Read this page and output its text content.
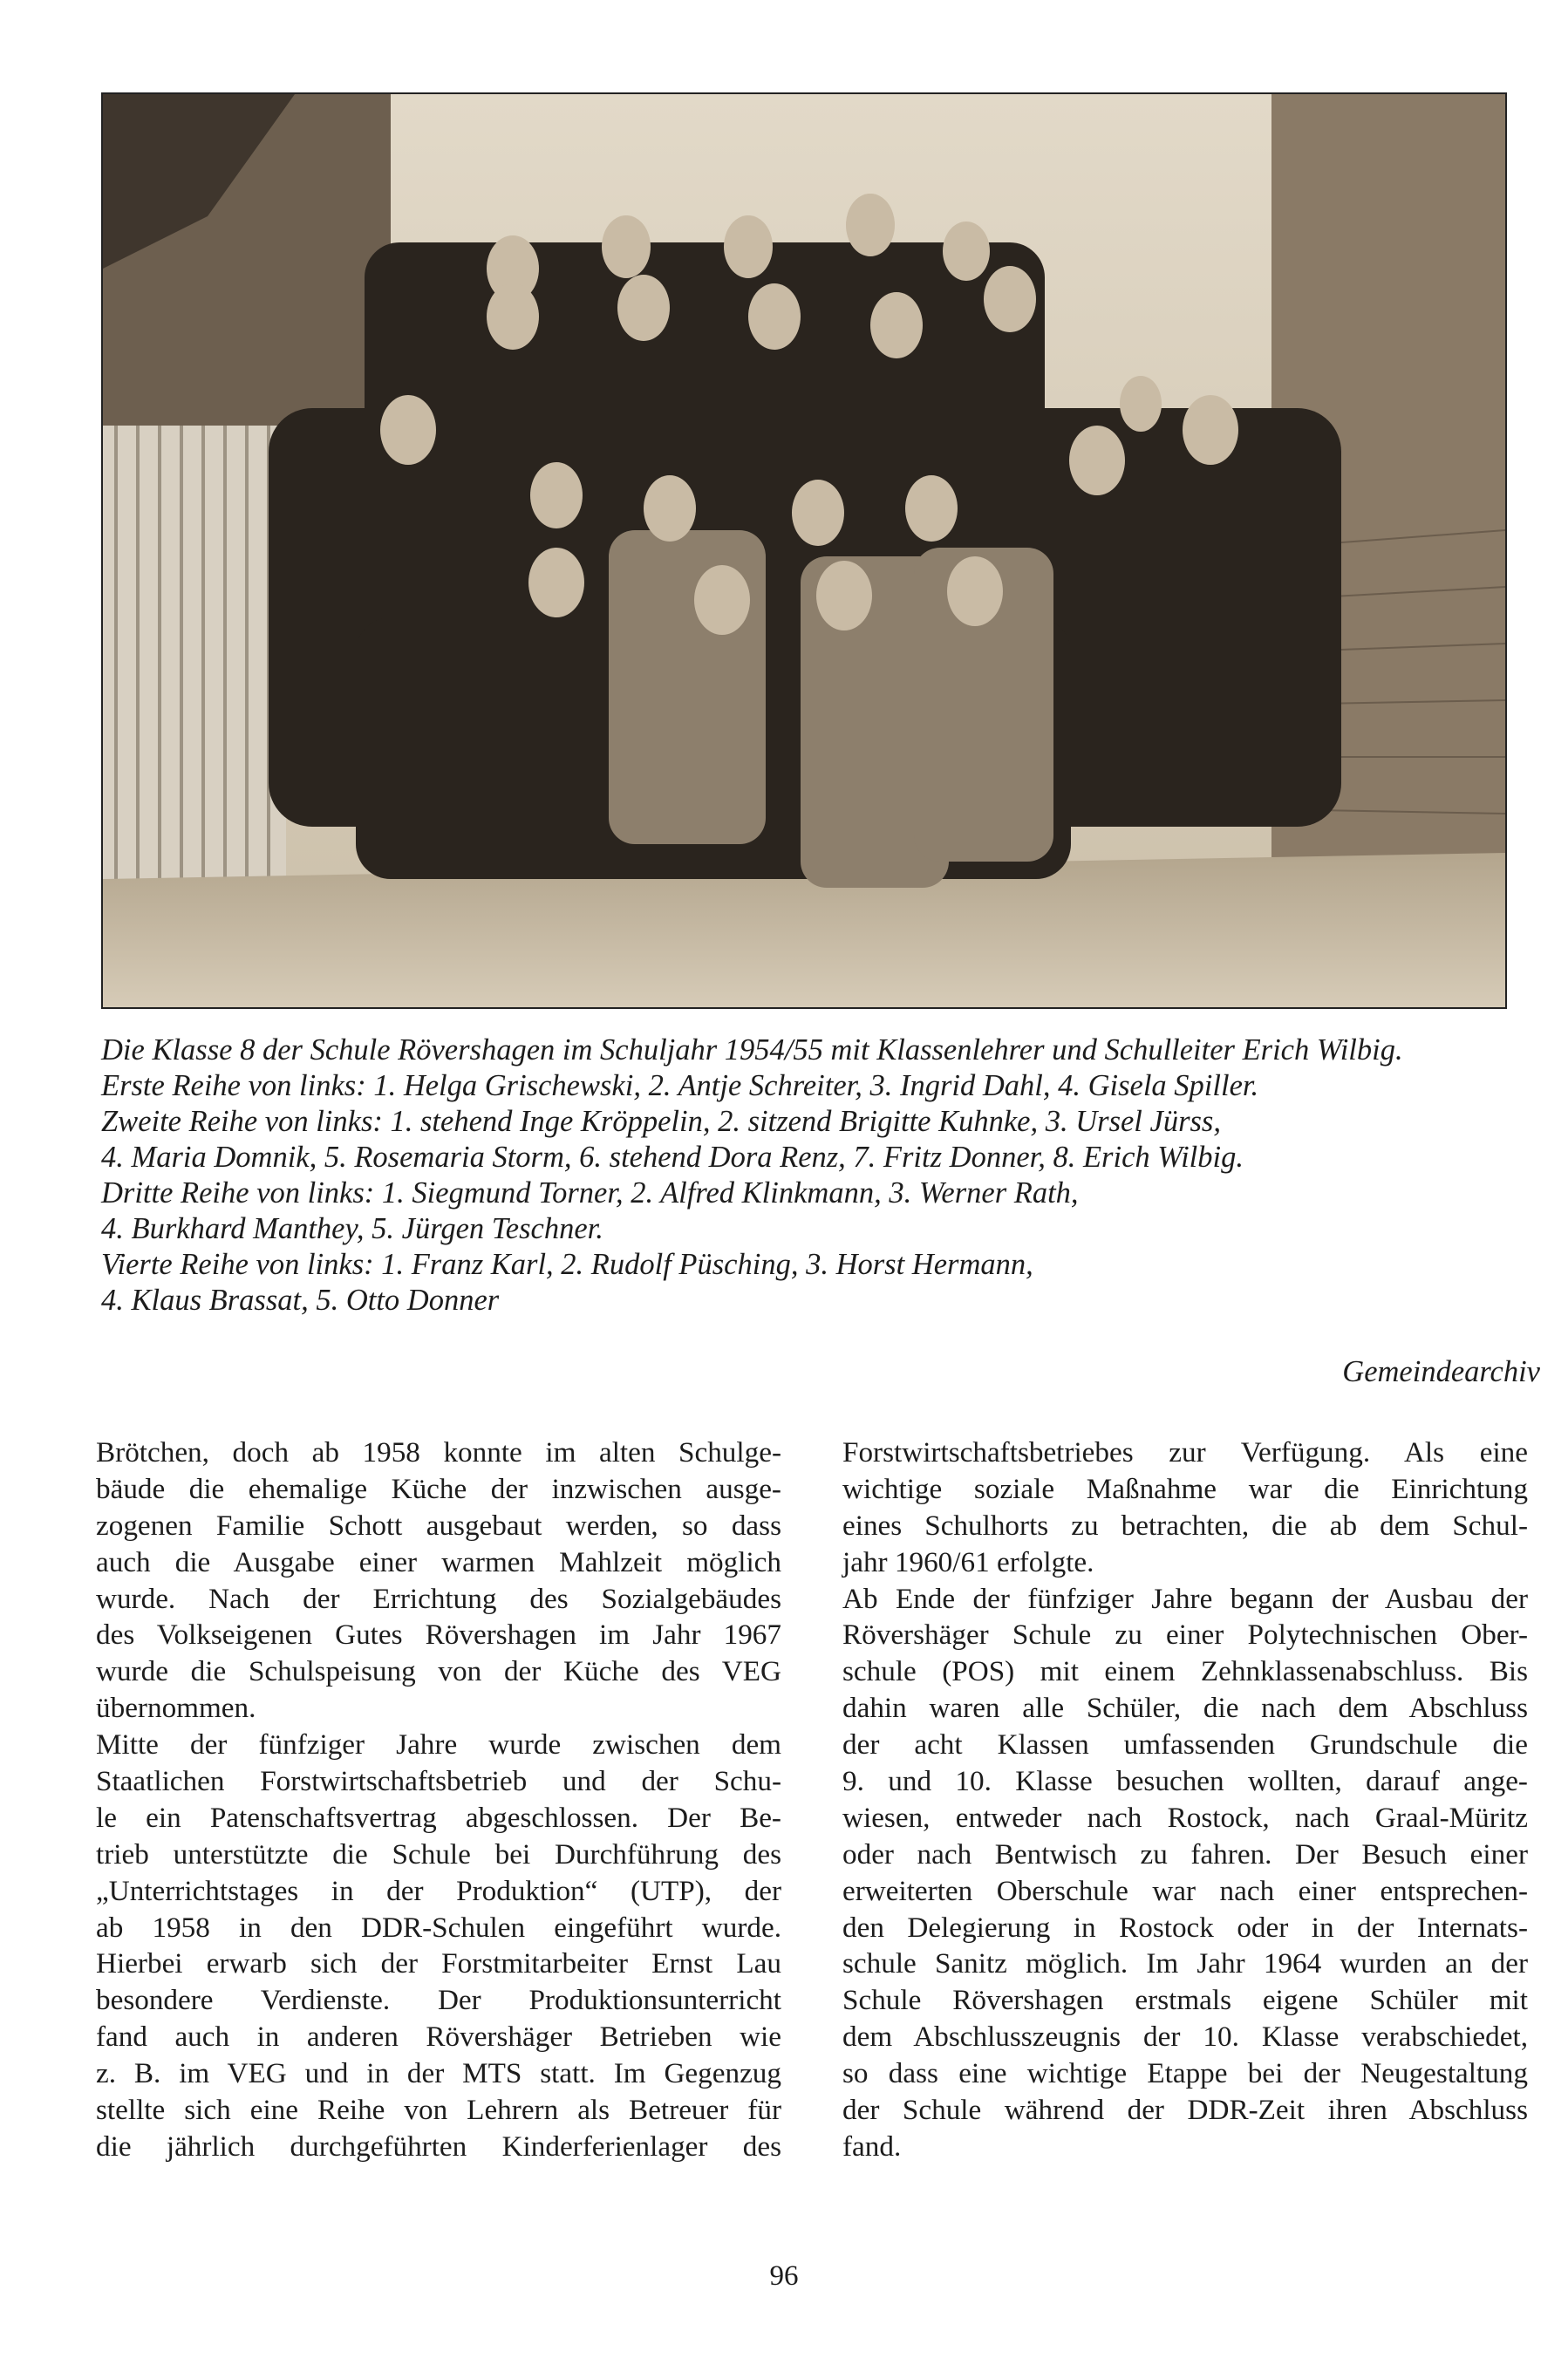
Die Klasse 8 der Schule Rövershagen im Schuljahr 1954/55 mit Klassenlehrer und Schulleiter Erich Wilbig.
Erste Reihe von links: 1. Helga Grischewski, 2. Antje Schreiter, 3. Ingrid Dahl, 4. Gisela Spiller.
Zweite Reihe von links: 1. stehend Inge Kröppelin, 2. sitzend Brigitte Kuhnke, 3. Ursel Jürss,
4. Maria Domnik, 5. Rosemaria Storm, 6. stehend Dora Renz, 7. Fritz Donner, 8. Erich Wilbig.
Dritte Reihe von links: 1. Siegmund Torner, 2. Alfred Klinkmann, 3. Werner Rath,
4. Burkhard Manthey, 5. Jürgen Teschner.
Vierte Reihe von links: 1. Franz Karl, 2. Rudolf Püsching, 3. Horst Hermann,
4. Klaus Brassat, 5. Otto Donner
Gemeindearchiv
Brötchen, doch ab 1958 konnte im alten Schulge-
bäude die ehemalige Küche der inzwischen ausge-
zogenen Familie Schott ausgebaut werden, so dass
auch die Ausgabe einer warmen Mahlzeit möglich
wurde. Nach der Errichtung des Sozialgebäudes
des Volkseigenen Gutes Rövershagen im Jahr 1967
wurde die Schulspeisung von der Küche des VEG
übernommen.
Mitte der fünfziger Jahre wurde zwischen dem
Staatlichen Forstwirtschaftsbetrieb und der Schu-
le ein Patenschaftsvertrag abgeschlossen. Der Be-
trieb unterstützte die Schule bei Durchführung des
„Unterrichtstages in der Produktion“ (UTP), der
ab 1958 in den DDR-Schulen eingeführt wurde.
Hierbei erwarb sich der Forstmitarbeiter Ernst Lau
besondere Verdienste. Der Produktionsunterricht
fand auch in anderen Rövershäger Betrieben wie
z. B. im VEG und in der MTS statt. Im Gegenzug
stellte sich eine Reihe von Lehrern als Betreuer für
die jährlich durchgeführten Kinderferienlager des
Forstwirtschaftsbetriebes zur Verfügung. Als eine
wichtige soziale Maßnahme war die Einrichtung
eines Schulhorts zu betrachten, die ab dem Schul-
jahr 1960/61 erfolgte.
Ab Ende der fünfziger Jahre begann der Ausbau der
Rövershäger Schule zu einer Polytechnischen Ober-
schule (POS) mit einem Zehnklassenabschluss. Bis
dahin waren alle Schüler, die nach dem Abschluss
der acht Klassen umfassenden Grundschule die
9. und 10. Klasse besuchen wollten, darauf ange-
wiesen, entweder nach Rostock, nach Graal-Müritz
oder nach Bentwisch zu fahren. Der Besuch einer
erweiterten Oberschule war nach einer entsprechen-
den Delegierung in Rostock oder in der Internats-
schule Sanitz möglich. Im Jahr 1964 wurden an der
Schule Rövershagen erstmals eigene Schüler mit
dem Abschlusszeugnis der 10. Klasse verabschiedet,
so dass eine wichtige Etappe bei der Neugestaltung
der Schule während der DDR-Zeit ihren Abschluss
fand.
96
